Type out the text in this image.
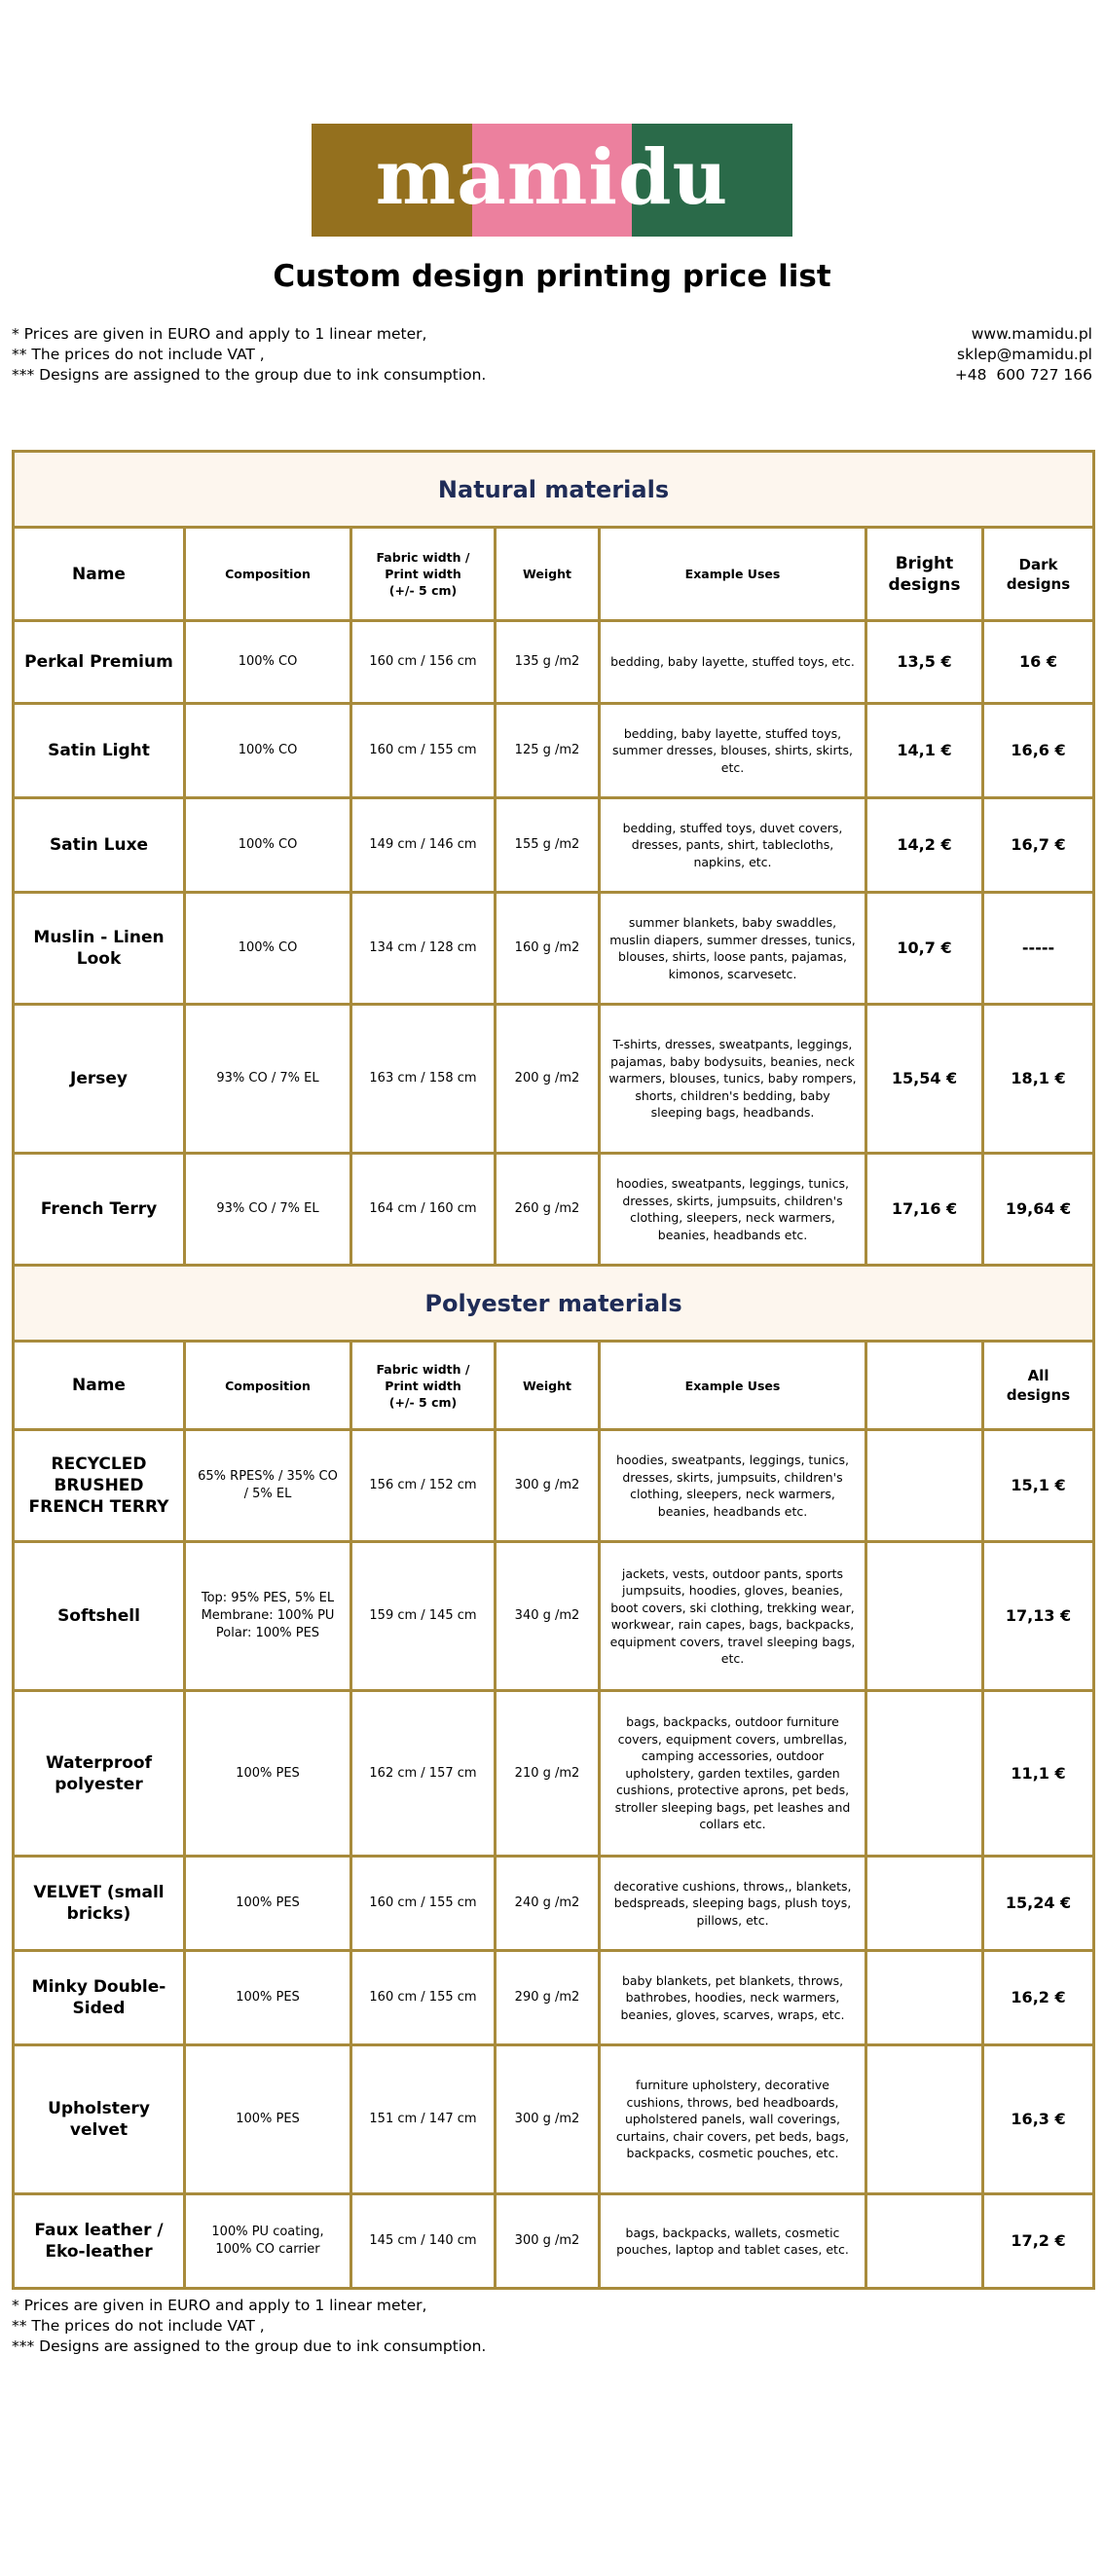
mamidu
Custom design printing price list
* Prices are given in EURO and apply to 1 linear meter,
** The prices do not include VAT ,
*** Designs are assigned to the group due to ink consumption.
www.mamidu.pl
sklep@mamidu.pl
+48  600 727 166
Natural materials						
Name	Composition	Fabric width /
Print width
(+/- 5 cm)	Weight	Example Uses	Bright
designs	Dark
designs
Perkal Premium	100% CO	160 cm / 156 cm	135 g /m2	bedding, baby layette, stuffed toys, etc.	13,5 €	16 €
Satin Light	100% CO	160 cm / 155 cm	125 g /m2	bedding, baby layette, stuffed toys, summer dresses, blouses, shirts, skirts, etc.	14,1 €	16,6 €
Satin Luxe	100% CO	149 cm / 146 cm	155 g /m2	bedding, stuffed toys, duvet covers, dresses, pants, shirt, tablecloths, napkins, etc.	14,2 €	16,7 €
Muslin - Linen Look	100% CO	134 cm / 128 cm	160 g /m2	summer blankets, baby swaddles, muslin diapers, summer dresses, tunics, blouses, shirts, loose pants, pajamas, kimonos, scarvesetc.	10,7 €	-----
Jersey	93% CO / 7% EL	163 cm / 158 cm	200 g /m2	T-shirts, dresses, sweatpants, leggings, pajamas, baby bodysuits, beanies, neck warmers, blouses, tunics, baby rompers, shorts, children's bedding, baby sleeping bags, headbands.	15,54 €	18,1 €
French Terry	93% CO / 7% EL	164 cm / 160 cm	260 g /m2	hoodies, sweatpants, leggings, tunics, dresses, skirts, jumpsuits, children's clothing, sleepers, neck warmers, beanies, headbands etc.	17,16 €	19,64 €
Polyester materials						
Name	Composition	Fabric width /
Print width
(+/- 5 cm)	Weight	Example Uses		All
designs
RECYCLED BRUSHED FRENCH TERRY	65% RPES% / 35% CO / 5% EL	156 cm / 152 cm	300 g /m2	hoodies, sweatpants, leggings, tunics, dresses, skirts, jumpsuits, children's clothing, sleepers, neck warmers, beanies, headbands etc.		15,1 €
Softshell	Top: 95% PES, 5% EL
Membrane: 100% PU
Polar: 100% PES	159 cm / 145 cm	340 g /m2	jackets, vests, outdoor pants, sports jumpsuits, hoodies, gloves, beanies, boot covers, ski clothing, trekking wear, workwear, rain capes, bags, backpacks, equipment covers, travel sleeping bags, etc.		17,13 €
Waterproof polyester	100% PES	162 cm / 157 cm	210 g /m2	bags, backpacks, outdoor furniture covers, equipment covers, umbrellas, camping accessories, outdoor upholstery, garden textiles, garden cushions, protective aprons, pet beds, stroller sleeping bags, pet leashes and collars etc.		11,1 €
VELVET (small bricks)	100% PES	160 cm / 155 cm	240 g /m2	decorative cushions, throws,, blankets, bedspreads, sleeping bags, plush toys, pillows, etc.		15,24 €
Minky Double-Sided	100% PES	160 cm / 155 cm	290 g /m2	baby blankets, pet blankets, throws, bathrobes, hoodies, neck warmers, beanies, gloves, scarves, wraps, etc.		16,2 €
Upholstery velvet	100% PES	151 cm / 147 cm	300 g /m2	furniture upholstery, decorative cushions, throws, bed headboards, upholstered panels, wall coverings, curtains, chair covers, pet beds, bags, backpacks, cosmetic pouches, etc.		16,3 €
Faux leather / Eko-leather	100% PU coating, 100% CO carrier	145 cm / 140 cm	300 g /m2	bags, backpacks, wallets, cosmetic pouches, laptop and tablet cases, etc.		17,2 €
* Prices are given in EURO and apply to 1 linear meter,
** The prices do not include VAT ,
*** Designs are assigned to the group due to ink consumption.
